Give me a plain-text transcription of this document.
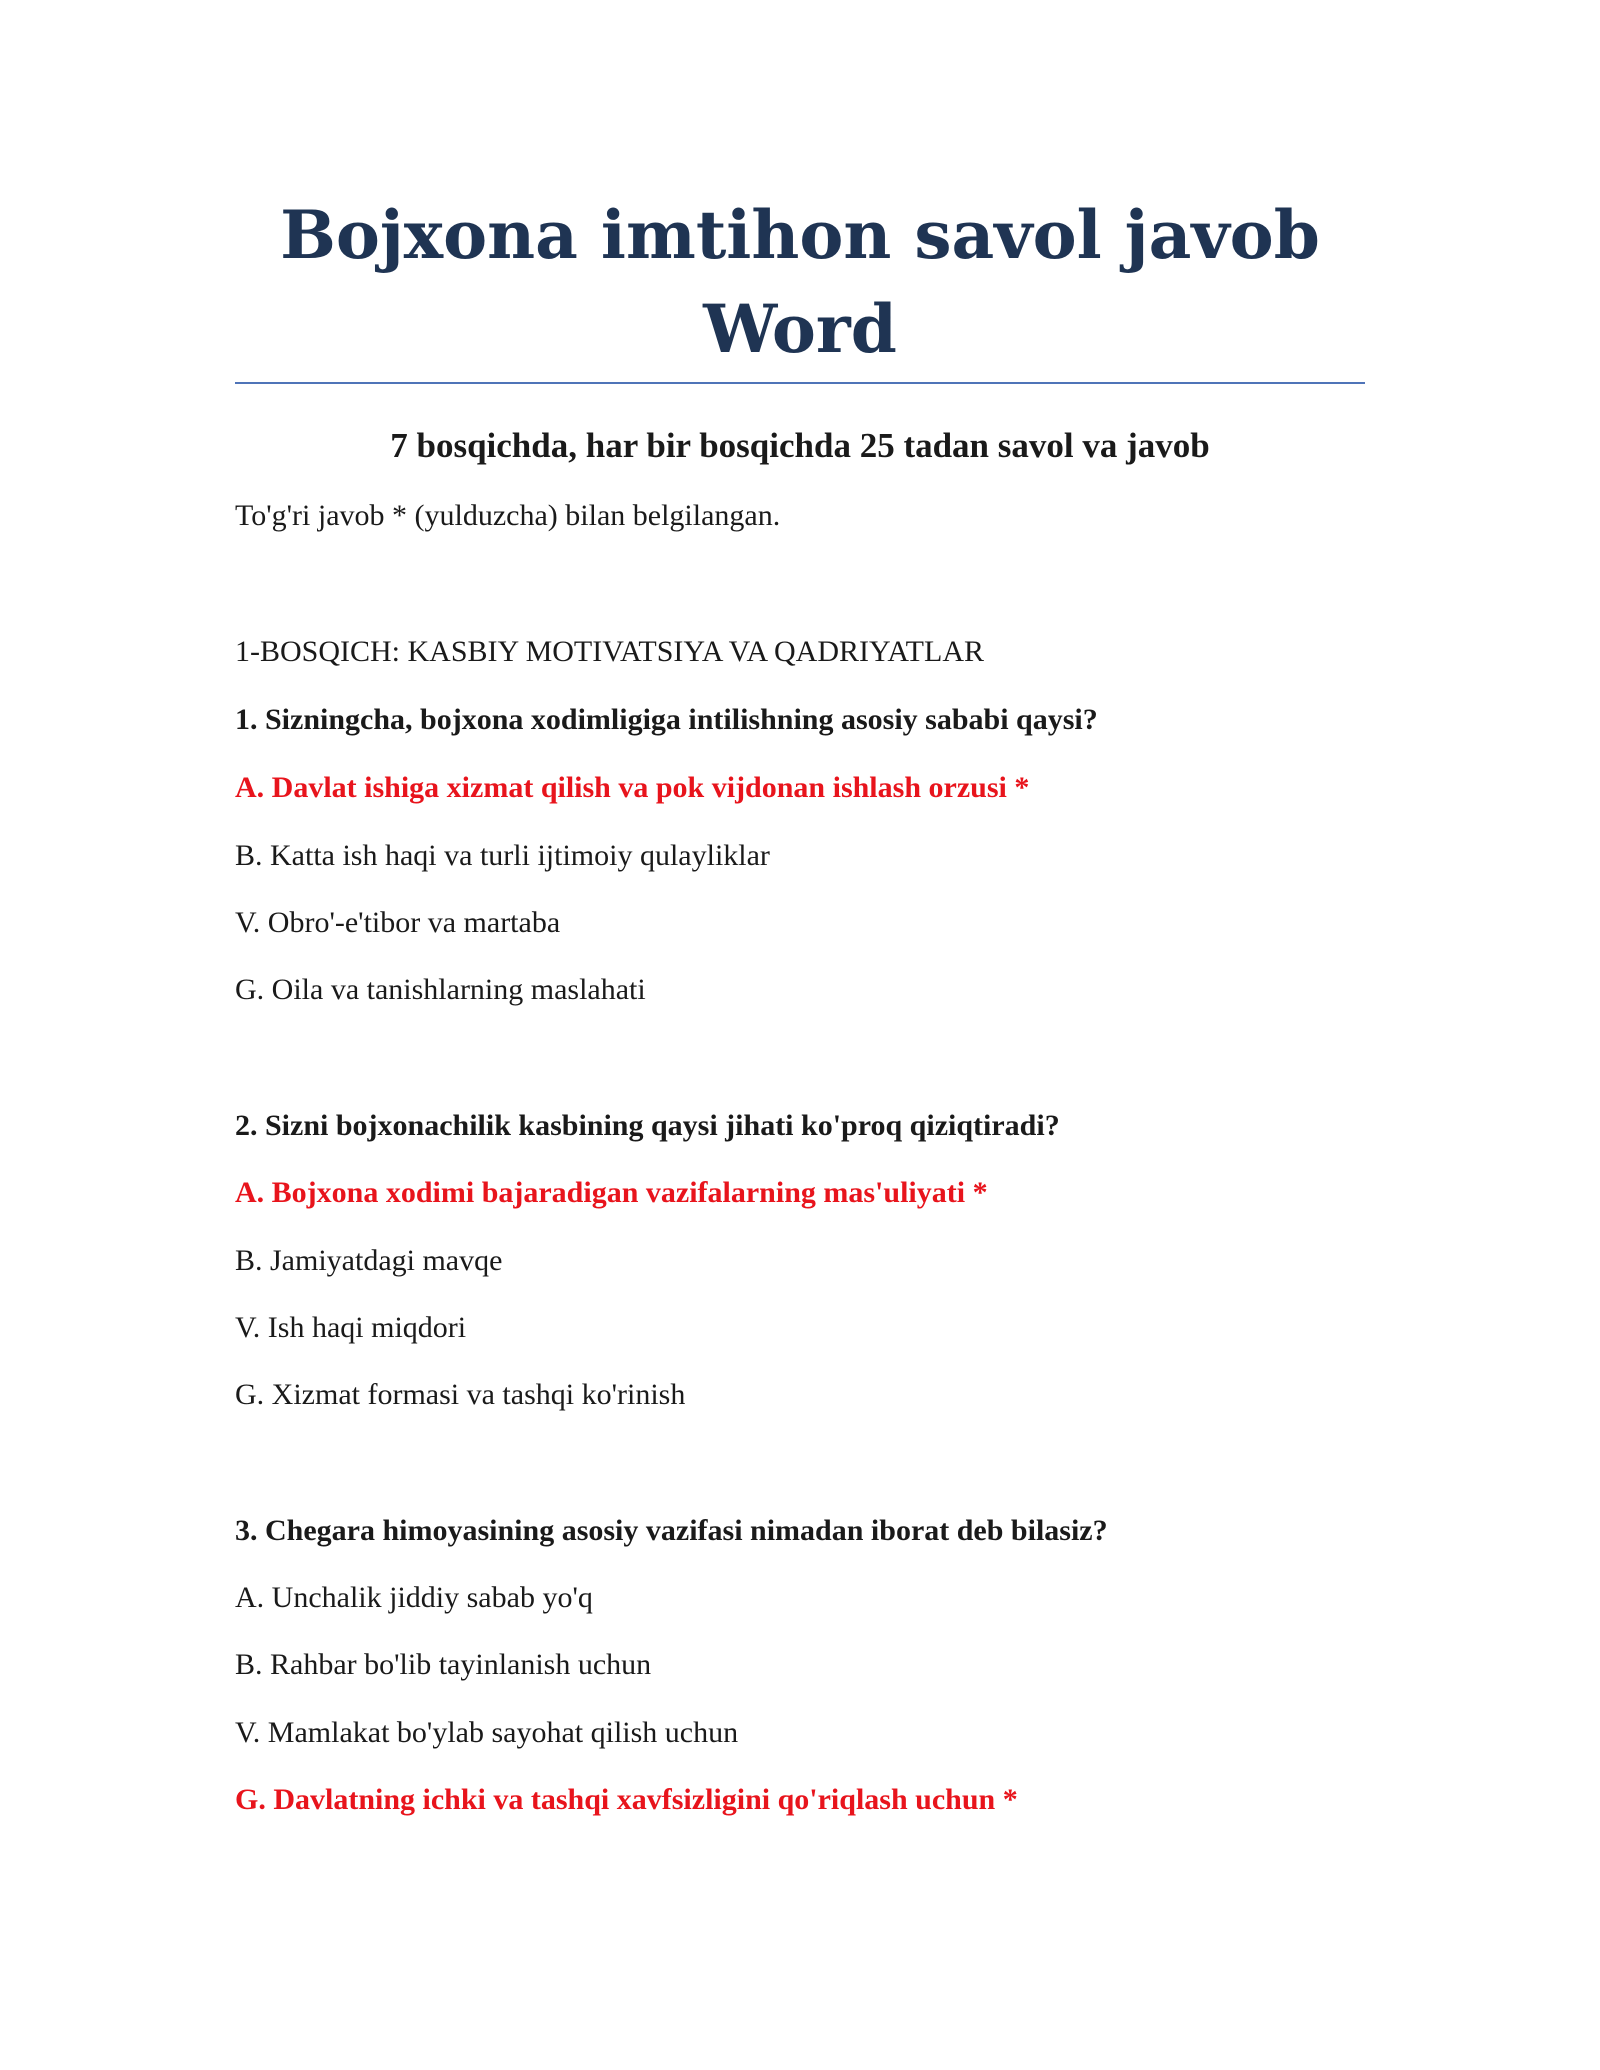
Bojxona imtihon savol javob Word
7 bosqichda, har bir bosqichda 25 tadan savol va javob

To'g'ri javob * (yulduzcha) bilan belgilangan.

1-BOSQICH: KASBIY MOTIVATSIYA VA QADRIYATLAR

1. Sizningcha, bojxona xodimligiga intilishning asosiy sababi qaysi?

A. Davlat ishiga xizmat qilish va pok vijdonan ishlash orzusi *

B. Katta ish haqi va turli ijtimoiy qulayliklar

V. Obro'-e'tibor va martaba

G. Oila va tanishlarning maslahati

2. Sizni bojxonachilik kasbining qaysi jihati ko'proq qiziqtiradi?

A. Bojxona xodimi bajaradigan vazifalarning mas'uliyati *

B. Jamiyatdagi mavqe

V. Ish haqi miqdori

G. Xizmat formasi va tashqi ko'rinish

3. Chegara himoyasining asosiy vazifasi nimadan iborat deb bilasiz?

A. Unchalik jiddiy sabab yo'q

B. Rahbar bo'lib tayinlanish uchun

V. Mamlakat bo'ylab sayohat qilish uchun

G. Davlatning ichki va tashqi xavfsizligini qo'riqlash uchun *
